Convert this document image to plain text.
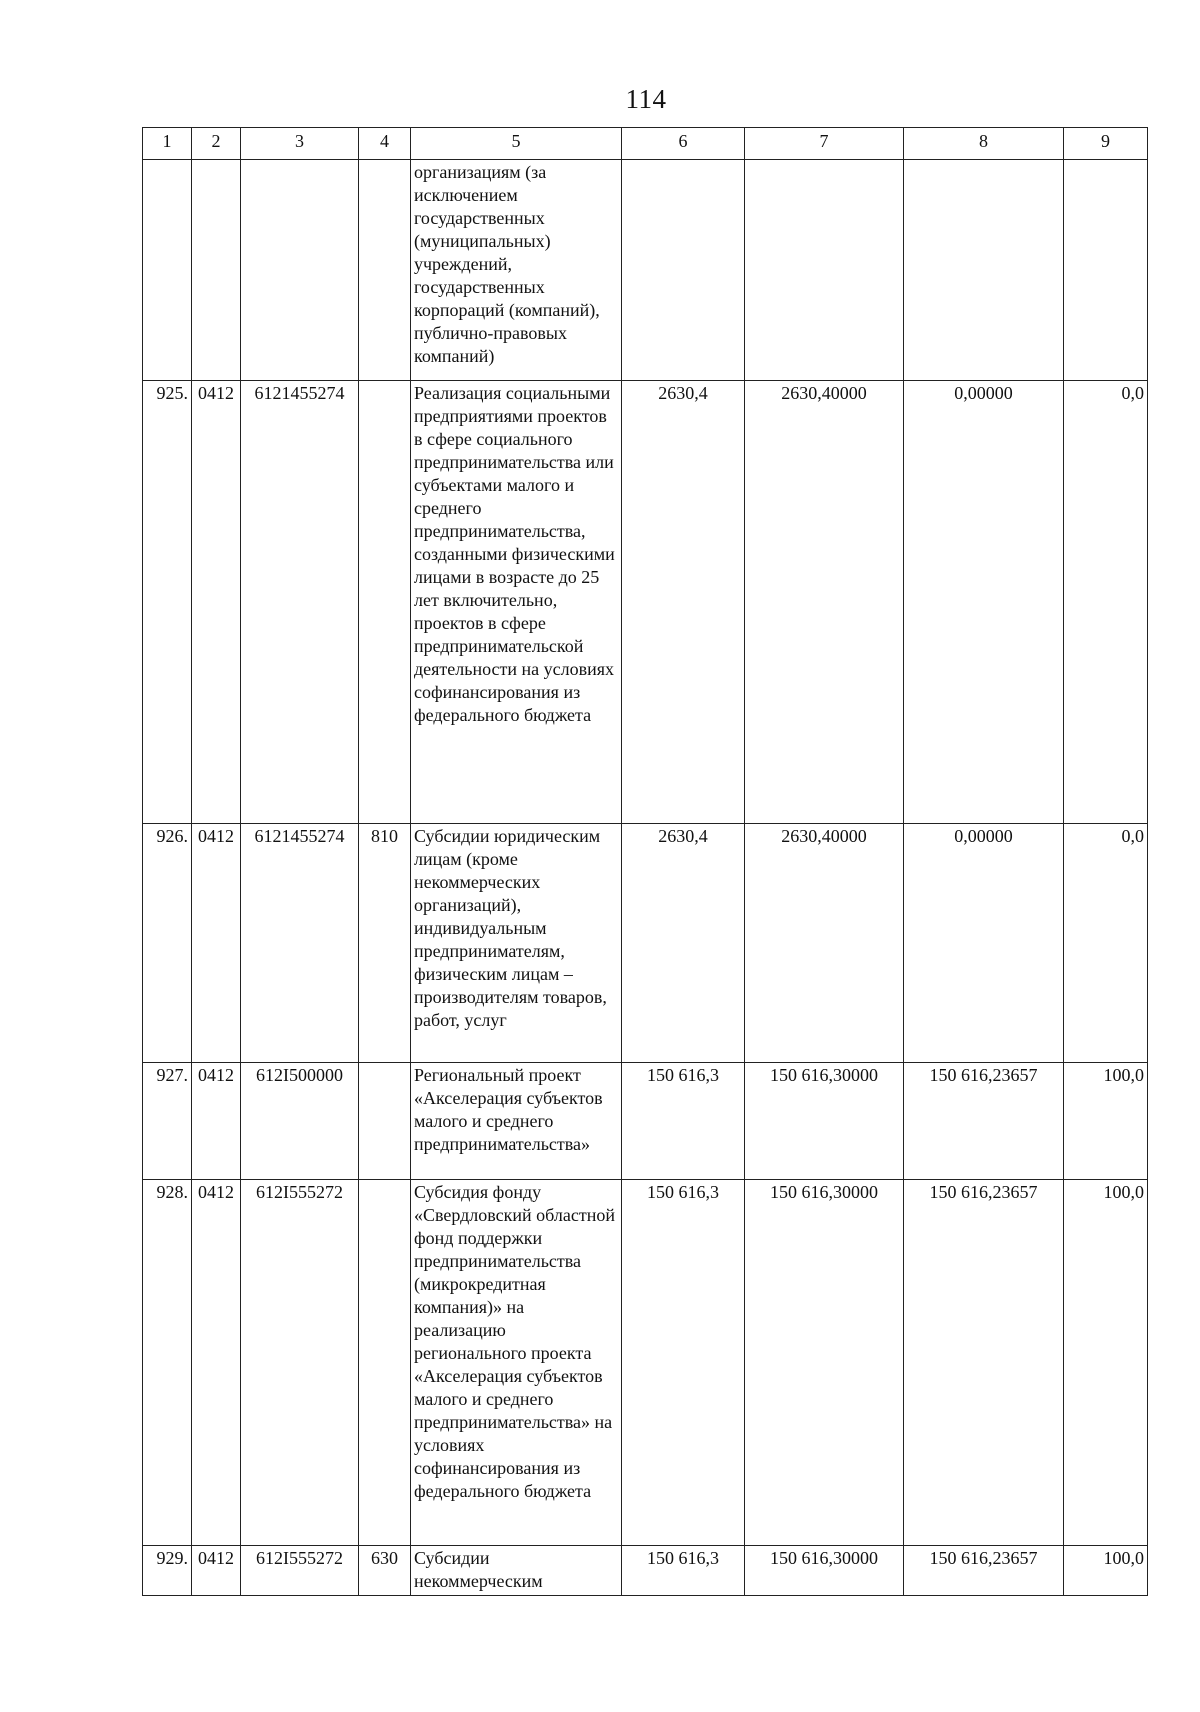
114
1	2	3	4	5	6	7	8	9
				организациям (за исключением государственных (муниципальных) учреждений, государственных корпораций (компаний), публично-правовых компаний)				
925.	0412	6121455274		Реализация социальными предприятиями проектов в сфере социального предпринимательства или субъектами малого и среднего предпринимательства, созданными физическими лицами в возрасте до 25 лет включительно, проектов в сфере предпринимательской деятельности на условиях софинансирования из федерального бюджета	2630,4	2630,40000	0,00000	0,0
926.	0412	6121455274	810	Субсидии юридическим лицам (кроме некоммерческих организаций), индивидуальным предпринимателям, физическим лицам – производителям товаров, работ, услуг	2630,4	2630,40000	0,00000	0,0
927.	0412	612I500000		Региональный проект «Акселерация субъектов малого и среднего предпринимательства»	150 616,3	150 616,30000	150 616,23657	100,0
928.	0412	612I555272		Субсидия фонду «Свердловский областной фонд поддержки предпринимательства (микрокредитная компания)» на реализацию регионального проекта «Акселерация субъектов малого и среднего предпринимательства» на условиях софинансирования из федерального бюджета	150 616,3	150 616,30000	150 616,23657	100,0
929.	0412	612I555272	630	Субсидии некоммерческим	150 616,3	150 616,30000	150 616,23657	100,0
